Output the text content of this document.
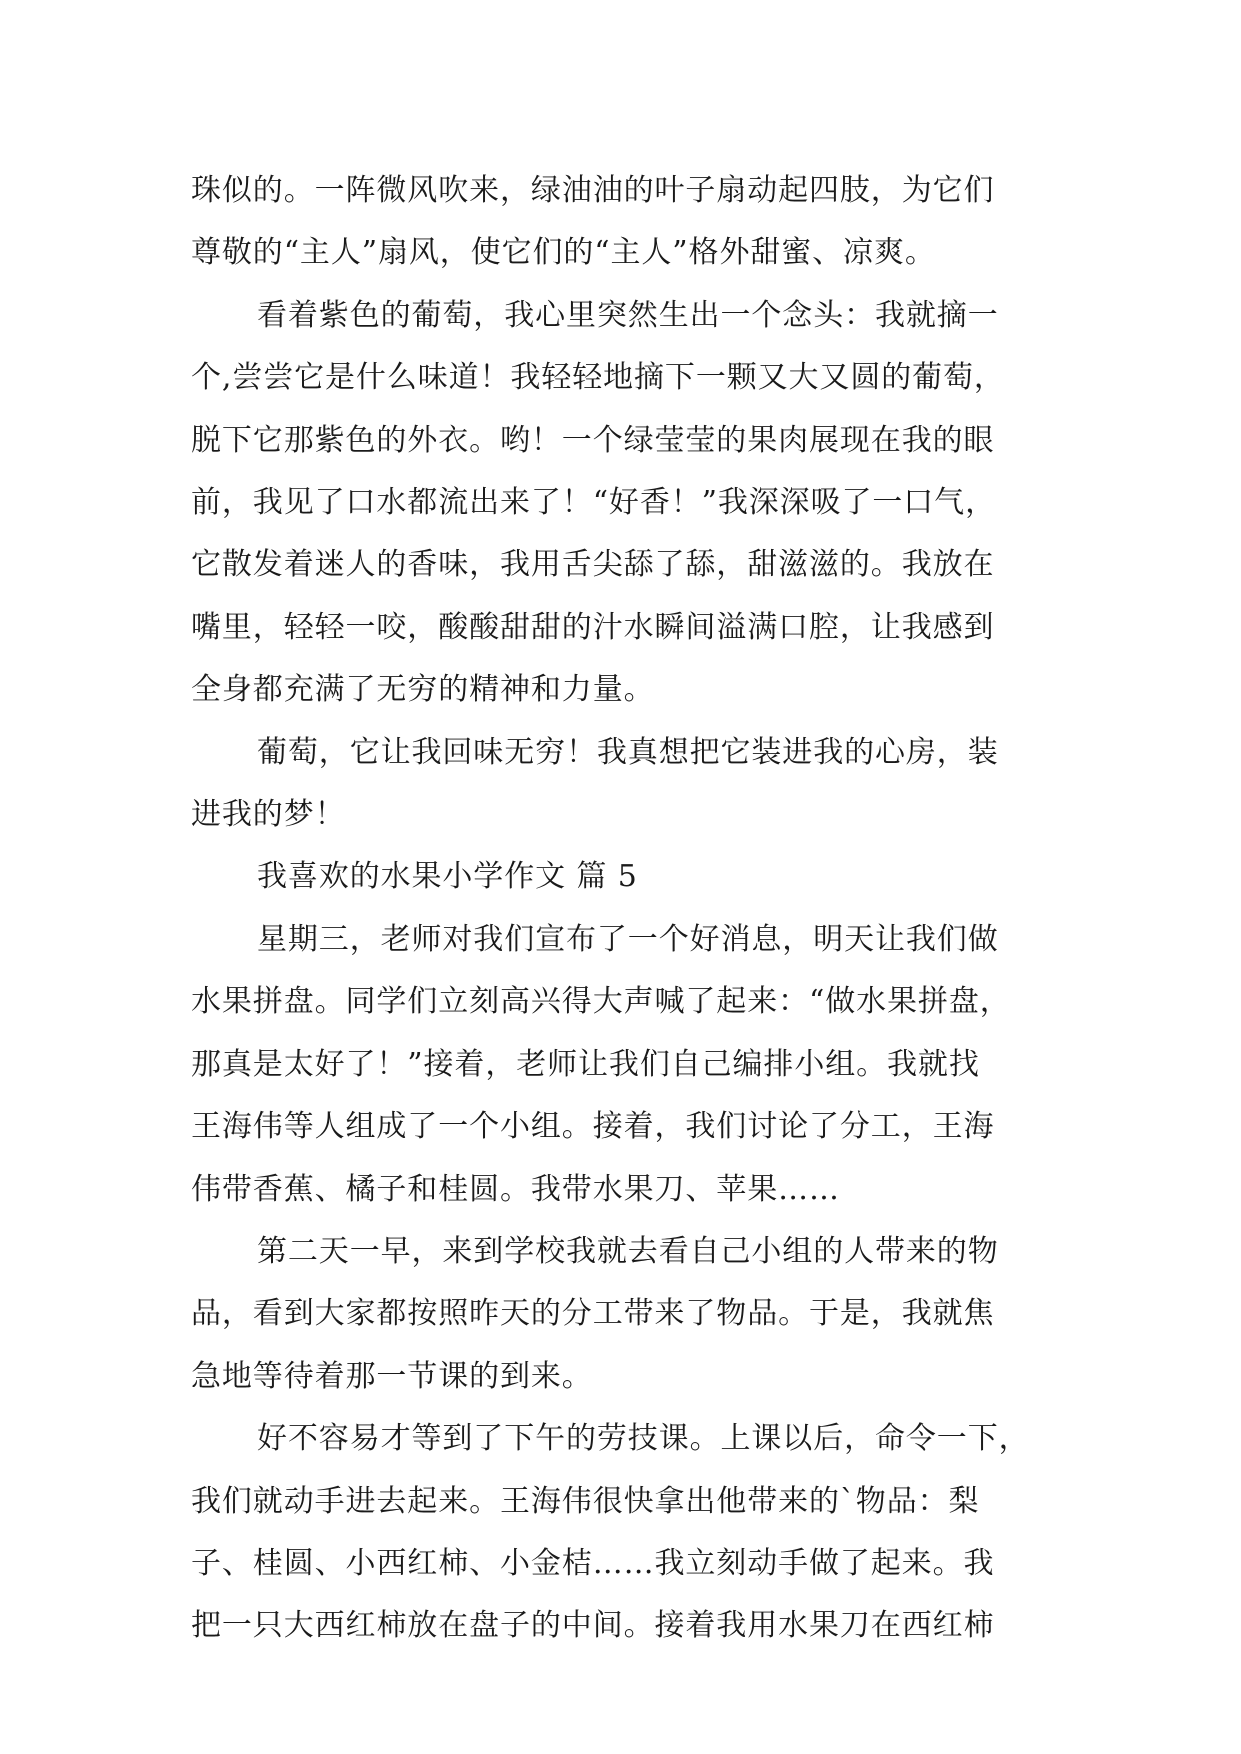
珠似的。一阵微风吹来，绿油油的叶子扇动起四肢，为它们
尊敬的“主人”扇风，使它们的“主人”格外甜蜜、凉爽。
看着紫色的葡萄，我心里突然生出一个念头：我就摘一
个,尝尝它是什么味道！我轻轻地摘下一颗又大又圆的葡萄，
脱下它那紫色的外衣。哟！一个绿莹莹的果肉展现在我的眼
前，我见了口水都流出来了！“好香！”我深深吸了一口气，
它散发着迷人的香味，我用舌尖舔了舔，甜滋滋的。我放在
嘴里，轻轻一咬，酸酸甜甜的汁水瞬间溢满口腔，让我感到
全身都充满了无穷的精神和力量。
葡萄，它让我回味无穷！我真想把它装进我的心房，装
进我的梦！
我喜欢的水果小学作文 篇 5
星期三，老师对我们宣布了一个好消息，明天让我们做
水果拼盘。同学们立刻高兴得大声喊了起来：“做水果拼盘，
那真是太好了！”接着，老师让我们自己编排小组。我就找
王海伟等人组成了一个小组。接着，我们讨论了分工，王海
伟带香蕉、橘子和桂圆。我带水果刀、苹果……
第二天一早，来到学校我就去看自己小组的人带来的物
品，看到大家都按照昨天的分工带来了物品。于是，我就焦
急地等待着那一节课的到来。
好不容易才等到了下午的劳技课。上课以后，命令一下，
我们就动手进去起来。王海伟很快拿出他带来的`物品：梨
子、桂圆、小西红柿、小金桔……我立刻动手做了起来。我
把一只大西红柿放在盘子的中间。接着我用水果刀在西红柿
